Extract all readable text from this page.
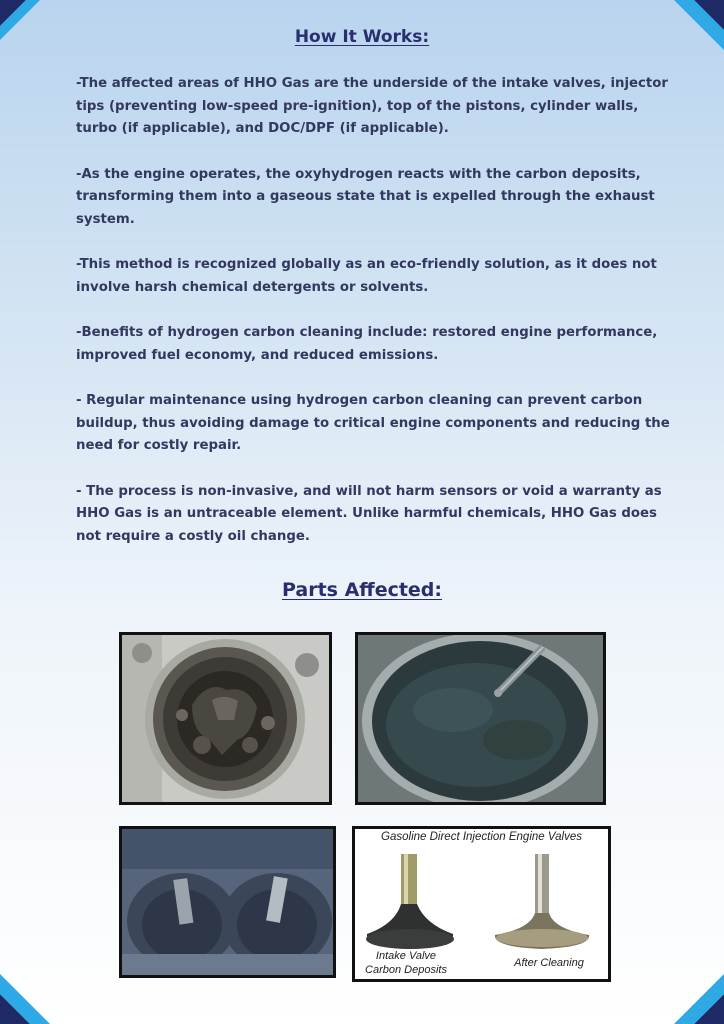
How It Works:

-The affected areas of HHO Gas are the underside of the intake valves, injector tips (preventing low-speed pre-ignition), top of the pistons, cylinder walls, turbo (if applicable), and DOC/DPF (if applicable).

-As the engine operates, the oxyhydrogen reacts with the carbon deposits, transforming them into a gaseous state that is expelled through the exhaust system.

-This method is recognized globally as an eco-friendly solution, as it does not involve harsh chemical detergents or solvents.

-Benefits of hydrogen carbon cleaning include: restored engine performance, improved fuel economy, and reduced emissions.

- Regular maintenance using hydrogen carbon cleaning can prevent carbon buildup, thus avoiding damage to critical engine components and reducing the need for costly repair.

- The process is non-invasive, and will not harm sensors or void a warranty as HHO Gas is an untraceable element. Unlike harmful chemicals, HHO Gas does not require a costly oil change.

Parts Affected:
Gasoline Direct Injection Engine Valves
Intake Valve
Carbon Deposits
After Cleaning
